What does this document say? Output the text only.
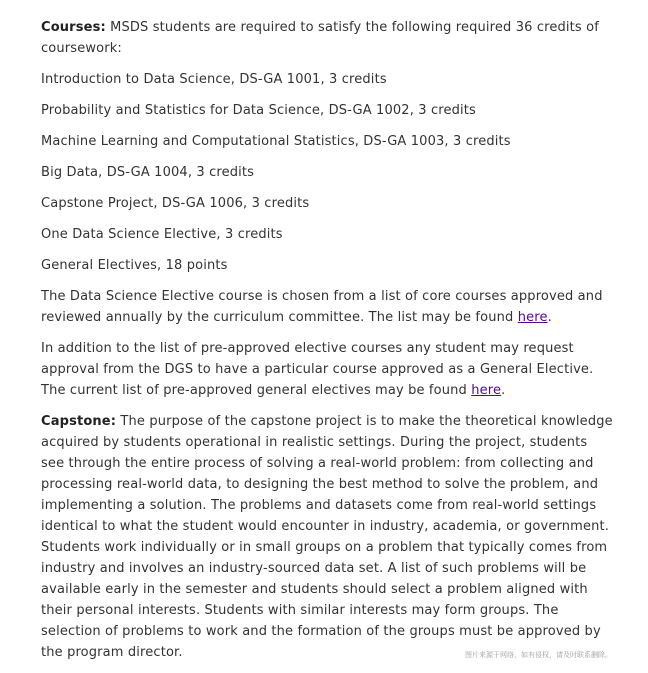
Courses: MSDS students are required to satisfy the following required 36 credits of coursework:

Introduction to Data Science, DS-GA 1001, 3 credits

Probability and Statistics for Data Science, DS-GA 1002, 3 credits

Machine Learning and Computational Statistics, DS-GA 1003, 3 credits

Big Data, DS-GA 1004, 3 credits

Capstone Project, DS-GA 1006, 3 credits

One Data Science Elective, 3 credits

General Electives, 18 points

The Data Science Elective course is chosen from a list of core courses approved and reviewed annually by the curriculum committee. The list may be found here.

In addition to the list of pre-approved elective courses any student may request approval from the DGS to have a particular course approved as a General Elective. The current list of pre-approved general electives may be found here.

Capstone: The purpose of the capstone project is to make the theoretical knowledge acquired by students operational in realistic settings. During the project, students see through the entire process of solving a real-world problem: from collecting and processing real-world data, to designing the best method to solve the problem, and implementing a solution. The problems and datasets come from real-world settings identical to what the student would encounter in industry, academia, or government. Students work individually or in small groups on a problem that typically comes from industry and involves an industry-sourced data set. A list of such problems will be available early in the semester and students should select a problem aligned with their personal interests. Students with similar interests may form groups. The selection of problems to work and the formation of the groups must be approved by the program director.	图片来源于网络，如有侵权，请及时联系删除。
